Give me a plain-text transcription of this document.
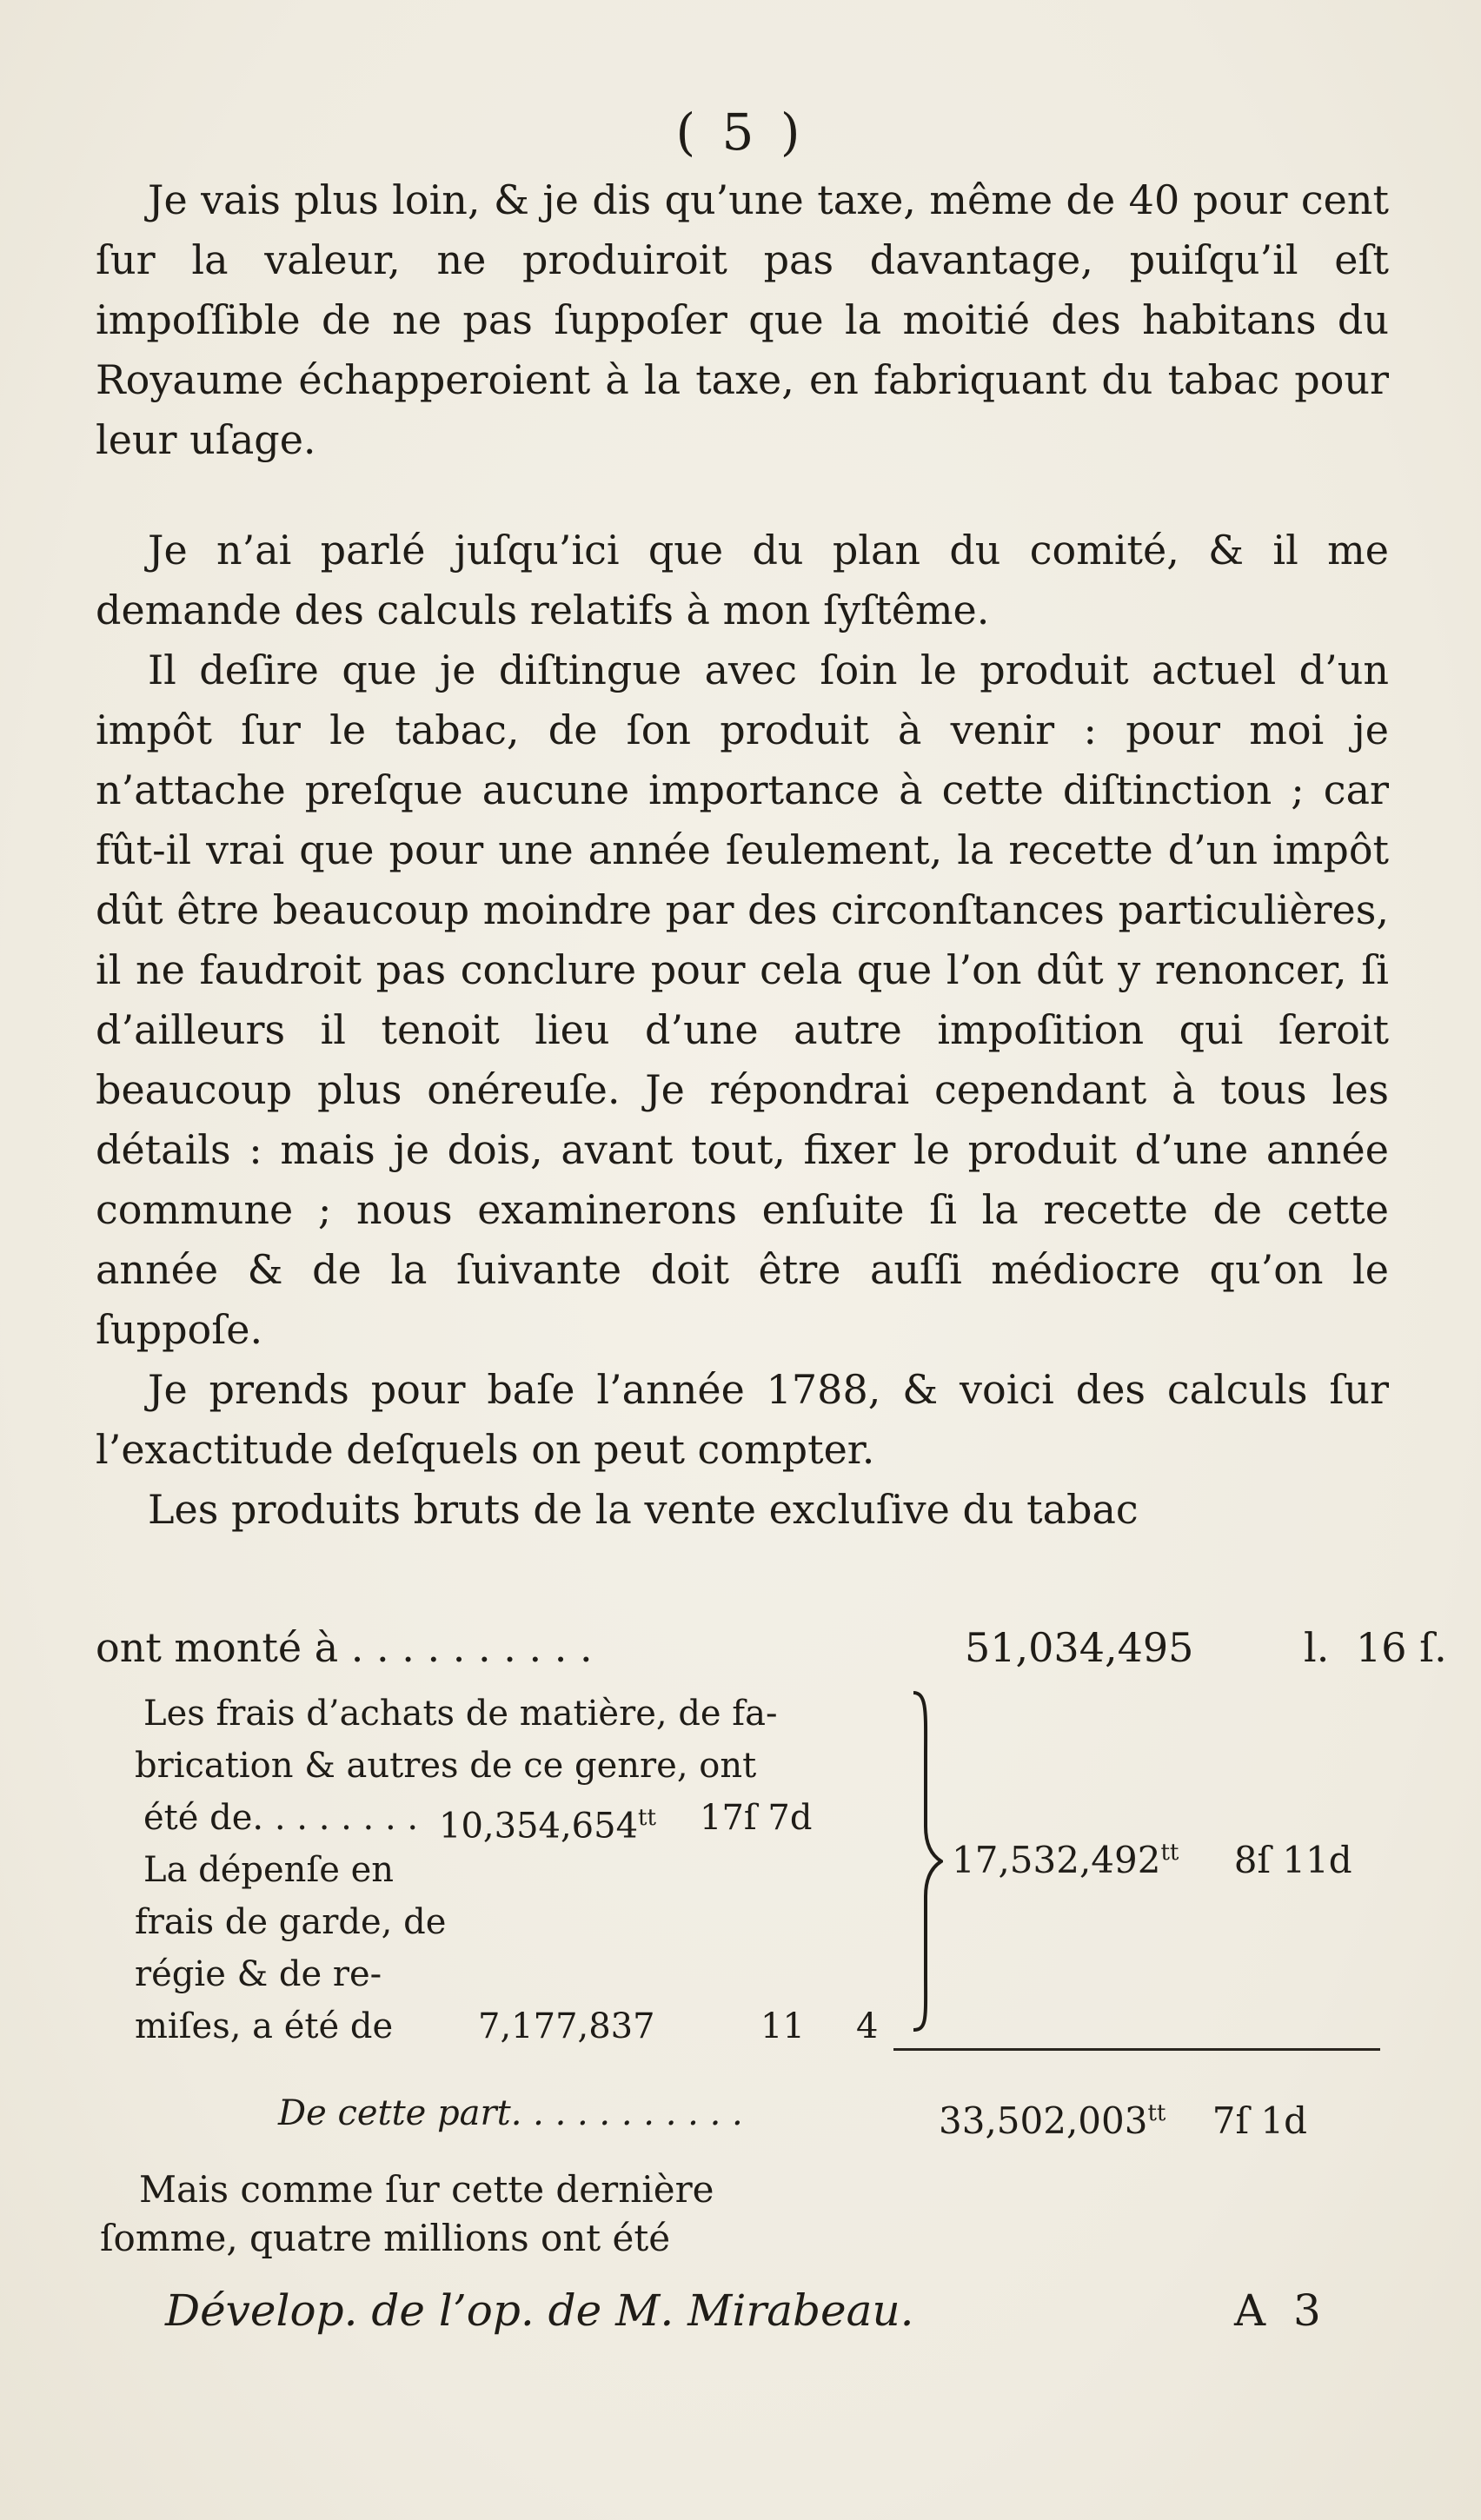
( 5 )

Je vais plus loin, & je dis qu’une taxe, même de 40 pour cent ſur la valeur, ne produiroit pas davantage, puiſqu’il eſt impoſſible de ne pas ſuppoſer que la moitié des habitans du Royaume échapperoient à la taxe, en fabriquant du tabac pour leur uſage.

Je n’ai parlé juſqu’ici que du plan du comité, & il me demande des calculs relatifs à mon ſyſtême.

Il deſire que je diſtingue avec ſoin le produit actuel d’un impôt ſur le tabac, de ſon produit à venir : pour moi je n’attache preſque aucune importance à cette diſtinction ; car fût-il vrai que pour une année ſeulement, la recette d’un impôt dût être beaucoup moindre par des circonſtances particulières, il ne faudroit pas conclure pour cela que l’on dût y renoncer, ſi d’ailleurs il tenoit lieu d’une autre impoſition qui ſeroit beaucoup plus onéreuſe. Je répondrai cependant à tous les détails : mais je dois, avant tout, fixer le produit d’une année commune ; nous examinerons enſuite ſi la recette de cette année & de la ſuivante doit être auſſi médiocre qu’on le ſuppoſe.

Je prends pour baſe l’année 1788, & voici des calculs ſur l’exactitude deſquels on peut compter.

Les produits bruts de la vente excluſive du tabac

ont monté à . . . . . . . . . .	51,034,495	l. 16 ſ.
Les frais d’achats de matière, de fa-
brication & autres de ce genre, ont
été de. . . . . . . . $10,354,654^{tt}$ 17ſ 7d
La dépenſe en
frais de garde, de
régie & de re-
miſes, a été de 7,177,837	11 4
$17,532,492^{tt}$ 8ſ 11d
De cette part. . . . . . . . . . .	$33,502,003^{tt}$ 7ſ 1d
Mais comme ſur cette dernière
ſomme, quatre millions ont été
Dévelop. de l’op. de M. Mirabeau.	A 3
